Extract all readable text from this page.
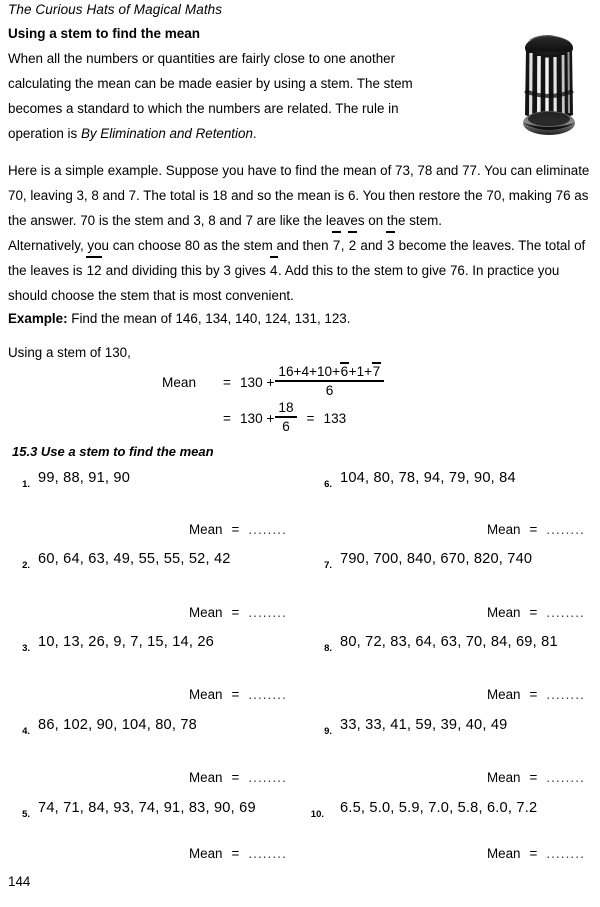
The Curious Hats of Magical Maths
Using a stem to find the mean
When all the numbers or quantities are fairly close to one another calculating the mean can be made easier by using a stem. The stem becomes a standard to which the numbers are related. The rule in operation is By Elimination and Retention.
Here is a simple example. Suppose you have to find the mean of 73, 78 and 77. You can eliminate 70, leaving 3, 8 and 7. The total is 18 and so the mean is 6. You then restore the 70, making 76 as the answer. 70 is the stem and 3, 8 and 7 are like the leaves on the stem.
Alternatively, you can choose 80 as the stem and then 7, 2 and 3 become the leaves. The total of the leaves is 12 and dividing this by 3 gives 4. Add this to the stem to give 76. In practice you should choose the stem that is most convenient.
Example: Find the mean of 146, 134, 140, 124, 131, 123.
Using a stem of 130,
Mean	= $130 + \frac{16+4+10+6+1+7}{6}$
= $130 + \frac{18}{6} = 133$
15.3 Use a stem to find the mean
1. 99, 88, 91, 90
Mean = ........
2. 60, 64, 63, 49, 55, 55, 52, 42
Mean = ........
3. 10, 13, 26, 9, 7, 15, 14, 26
Mean = ........
4. 86, 102, 90, 104, 80, 78
Mean = ........
5. 74, 71, 84, 93, 74, 91, 83, 90, 69
Mean = ........
6. 104, 80, 78, 94, 79, 90, 84
Mean = ........
7. 790, 700, 840, 670, 820, 740
Mean = ........
8. 80, 72, 83, 64, 63, 70, 84, 69, 81
Mean = ........
9. 33, 33, 41, 59, 39, 40, 49
Mean = ........
10. 6.5, 5.0, 5.9, 7.0, 5.8, 6.0, 7.2
Mean = ........
144
